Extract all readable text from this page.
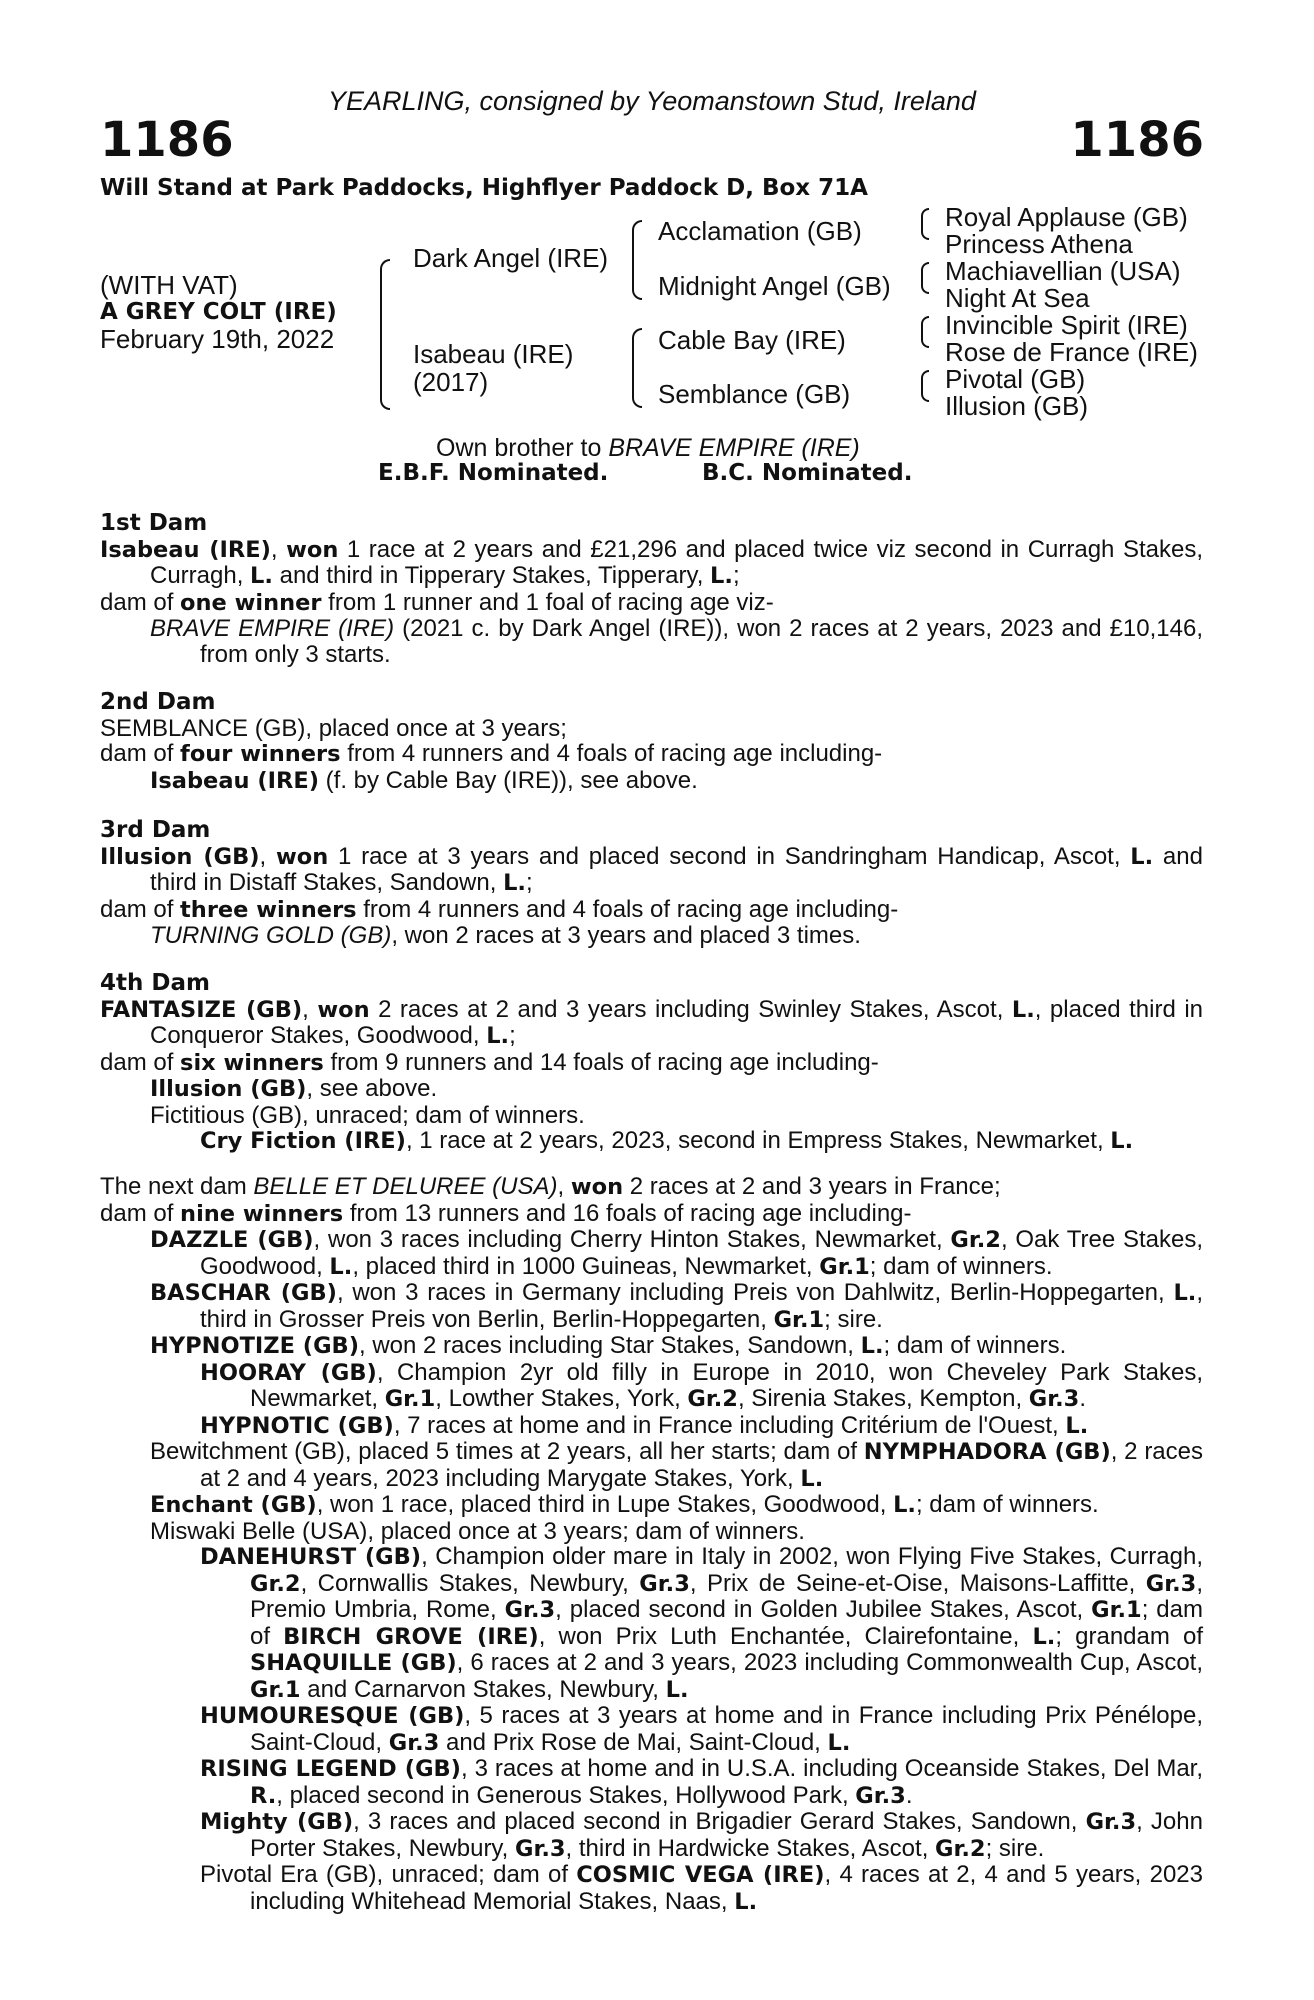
YEARLING, consigned by Yeomanstown Stud, Ireland
1186	1186
Will Stand at Park Paddocks, Highflyer Paddock D, Box 71A
(WITH VAT)
A GREY COLT (IRE)
February 19th, 2022
Dark Angel (IRE)
Isabeau (IRE)
(2017)
Acclamation (GB)
Midnight Angel (GB)
Cable Bay (IRE)
Semblance (GB)
Royal Applause (GB)
Princess Athena
Machiavellian (USA)
Night At Sea
Invincible Spirit (IRE)
Rose de France (IRE)
Pivotal (GB)
Illusion (GB)
Own brother to BRAVE EMPIRE (IRE)
E.B.F. Nominated.	B.C. Nominated.

1st Dam

Isabeau (IRE), won 1 race at 2 years and £21,296 and placed twice viz second in Curragh Stakes, Curragh, L. and third in Tipperary Stakes, Tipperary, L.;

dam of one winner from 1 runner and 1 foal of racing age viz-

BRAVE EMPIRE (IRE) (2021 c. by Dark Angel (IRE)), won 2 races at 2 years, 2023 and £10,146, from only 3 starts.

2nd Dam

SEMBLANCE (GB), placed once at 3 years;

dam of four winners from 4 runners and 4 foals of racing age including-

Isabeau (IRE) (f. by Cable Bay (IRE)), see above.

3rd Dam

Illusion (GB), won 1 race at 3 years and placed second in Sandringham Handicap, Ascot, L. and third in Distaff Stakes, Sandown, L.;

dam of three winners from 4 runners and 4 foals of racing age including-

TURNING GOLD (GB), won 2 races at 3 years and placed 3 times.

4th Dam

FANTASIZE (GB), won 2 races at 2 and 3 years including Swinley Stakes, Ascot, L., placed third in Conqueror Stakes, Goodwood, L.;

dam of six winners from 9 runners and 14 foals of racing age including-

Illusion (GB), see above.

Fictitious (GB), unraced; dam of winners.

Cry Fiction (IRE), 1 race at 2 years, 2023, second in Empress Stakes, Newmarket, L.

The next dam BELLE ET DELUREE (USA), won 2 races at 2 and 3 years in France;

dam of nine winners from 13 runners and 16 foals of racing age including-

DAZZLE (GB), won 3 races including Cherry Hinton Stakes, Newmarket, Gr.2, Oak Tree Stakes, Goodwood, L., placed third in 1000 Guineas, Newmarket, Gr.1; dam of winners.

BASCHAR (GB), won 3 races in Germany including Preis von Dahlwitz, Berlin-Hoppegarten, L., third in Grosser Preis von Berlin, Berlin-Hoppegarten, Gr.1; sire.

HYPNOTIZE (GB), won 2 races including Star Stakes, Sandown, L.; dam of winners.

HOORAY (GB), Champion 2yr old filly in Europe in 2010, won Cheveley Park Stakes, Newmarket, Gr.1, Lowther Stakes, York, Gr.2, Sirenia Stakes, Kempton, Gr.3.

HYPNOTIC (GB), 7 races at home and in France including Critérium de l'Ouest, L.

Bewitchment (GB), placed 5 times at 2 years, all her starts; dam of NYMPHADORA (GB), 2 races at 2 and 4 years, 2023 including Marygate Stakes, York, L.

Enchant (GB), won 1 race, placed third in Lupe Stakes, Goodwood, L.; dam of winners.

Miswaki Belle (USA), placed once at 3 years; dam of winners.

DANEHURST (GB), Champion older mare in Italy in 2002, won Flying Five Stakes, Curragh, Gr.2, Cornwallis Stakes, Newbury, Gr.3, Prix de Seine-et-Oise, Maisons-Laffitte, Gr.3, Premio Umbria, Rome, Gr.3, placed second in Golden Jubilee Stakes, Ascot, Gr.1; dam of BIRCH GROVE (IRE), won Prix Luth Enchantée, Clairefontaine, L.; grandam of SHAQUILLE (GB), 6 races at 2 and 3 years, 2023 including Commonwealth Cup, Ascot, Gr.1 and Carnarvon Stakes, Newbury, L.

HUMOURESQUE (GB), 5 races at 3 years at home and in France including Prix Pénélope, Saint-Cloud, Gr.3 and Prix Rose de Mai, Saint-Cloud, L.

RISING LEGEND (GB), 3 races at home and in U.S.A. including Oceanside Stakes, Del Mar, R., placed second in Generous Stakes, Hollywood Park, Gr.3.

Mighty (GB), 3 races and placed second in Brigadier Gerard Stakes, Sandown, Gr.3, John Porter Stakes, Newbury, Gr.3, third in Hardwicke Stakes, Ascot, Gr.2; sire.

Pivotal Era (GB), unraced; dam of COSMIC VEGA (IRE), 4 races at 2, 4 and 5 years, 2023 including Whitehead Memorial Stakes, Naas, L.
